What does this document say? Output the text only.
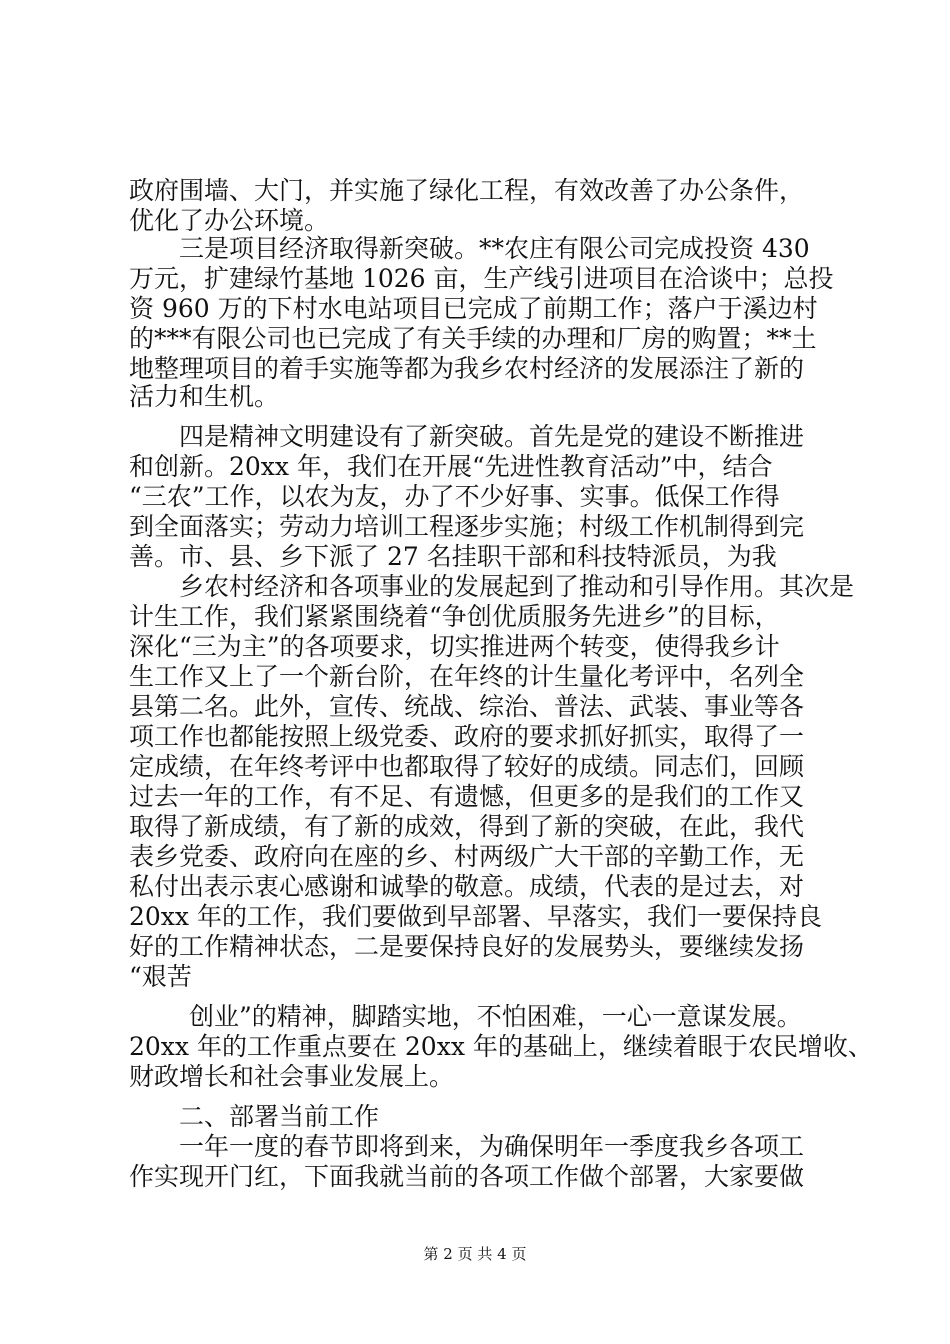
政府围墙、大门，并实施了绿化工程，有效改善了办公条件，
优化了办公环境。
三是项目经济取得新突破。**农庄有限公司完成投资 430
万元，扩建绿竹基地 1026 亩，生产线引进项目在洽谈中；总投
资 960 万的下村水电站项目已完成了前期工作；落户于溪边村
的***有限公司也已完成了有关手续的办理和厂房的购置；**土
地整理项目的着手实施等都为我乡农村经济的发展添注了新的
活力和生机。
四是精神文明建设有了新突破。首先是党的建设不断推进
和创新。20xx 年，我们在开展“先进性教育活动”中，结合
“三农”工作，以农为友，办了不少好事、实事。低保工作得
到全面落实；劳动力培训工程逐步实施；村级工作机制得到完
善。市、县、乡下派了 27 名挂职干部和科技特派员，为我
乡农村经济和各项事业的发展起到了推动和引导作用。其次是
计生工作，我们紧紧围绕着“争创优质服务先进乡”的目标，
深化“三为主”的各项要求，切实推进两个转变，使得我乡计
生工作又上了一个新台阶，在年终的计生量化考评中，名列全
县第二名。此外，宣传、统战、综治、普法、武装、事业等各
项工作也都能按照上级党委、政府的要求抓好抓实，取得了一
定成绩，在年终考评中也都取得了较好的成绩。同志们，回顾
过去一年的工作，有不足、有遗憾，但更多的是我们的工作又
取得了新成绩，有了新的成效，得到了新的突破，在此，我代
表乡党委、政府向在座的乡、村两级广大干部的辛勤工作，无
私付出表示衷心感谢和诚挚的敬意。成绩，代表的是过去，对
20xx 年的工作，我们要做到早部署、早落实，我们一要保持良
好的工作精神状态，二是要保持良好的发展势头，要继续发扬
“艰苦
创业”的精神，脚踏实地，不怕困难，一心一意谋发展。
20xx 年的工作重点要在 20xx 年的基础上，继续着眼于农民增收、
财政增长和社会事业发展上。
二、部署当前工作
一年一度的春节即将到来，为确保明年一季度我乡各项工
作实现开门红，下面我就当前的各项工作做个部署，大家要做
第 2 页 共 4 页
